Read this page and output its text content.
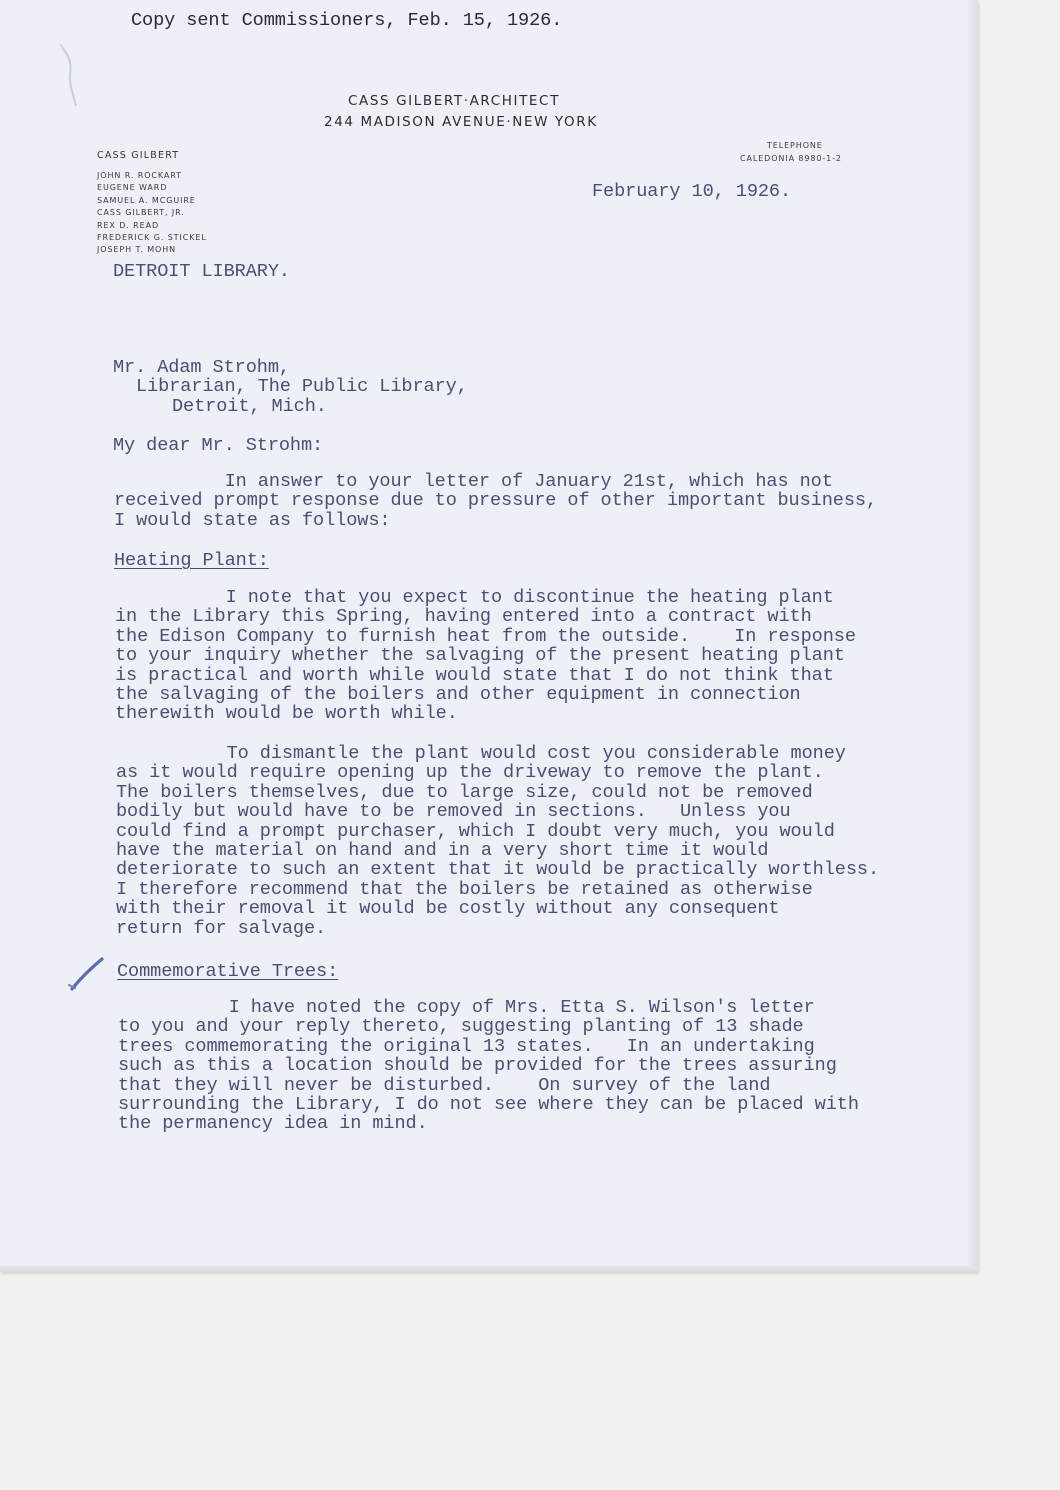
Copy sent Commissioners, Feb. 15, 1926.
CASS GILBERT·ARCHITECT
244 MADISON AVENUE·NEW YORK
CASS GILBERT
JOHN R. ROCKART
EUGENE WARD
SAMUEL A. MCGUIRE
CASS GILBERT, JR.
REX D. READ
FREDERICK G. STICKEL
JOSEPH T. MOHN
TELEPHONE
CALEDONIA 8980-1-2
February 10, 1926.
DETROIT LIBRARY.
Mr. Adam Strohm,
Librarian, The Public Library,
Detroit, Mich.
My dear Mr. Strohm:
In answer to your letter of January 21st, which has not
received prompt response due to pressure of other important business,
I would state as follows:
Heating Plant:
I note that you expect to discontinue the heating plant
in the Library this Spring, having entered into a contract with
the Edison Company to furnish heat from the outside.    In response
to your inquiry whether the salvaging of the present heating plant
is practical and worth while would state that I do not think that
the salvaging of the boilers and other equipment in connection
therewith would be worth while.
To dismantle the plant would cost you considerable money
as it would require opening up the driveway to remove the plant.
The boilers themselves, due to large size, could not be removed
bodily but would have to be removed in sections.   Unless you
could find a prompt purchaser, which I doubt very much, you would
have the material on hand and in a very short time it would
deteriorate to such an extent that it would be practically worthless.
I therefore recommend that the boilers be retained as otherwise
with their removal it would be costly without any consequent
return for salvage.
Commemorative Trees:
I have noted the copy of Mrs. Etta S. Wilson's letter
to you and your reply thereto, suggesting planting of 13 shade
trees commemorating the original 13 states.   In an undertaking
such as this a location should be provided for the trees assuring
that they will never be disturbed.    On survey of the land
surrounding the Library, I do not see where they can be placed with
the permanency idea in mind.
